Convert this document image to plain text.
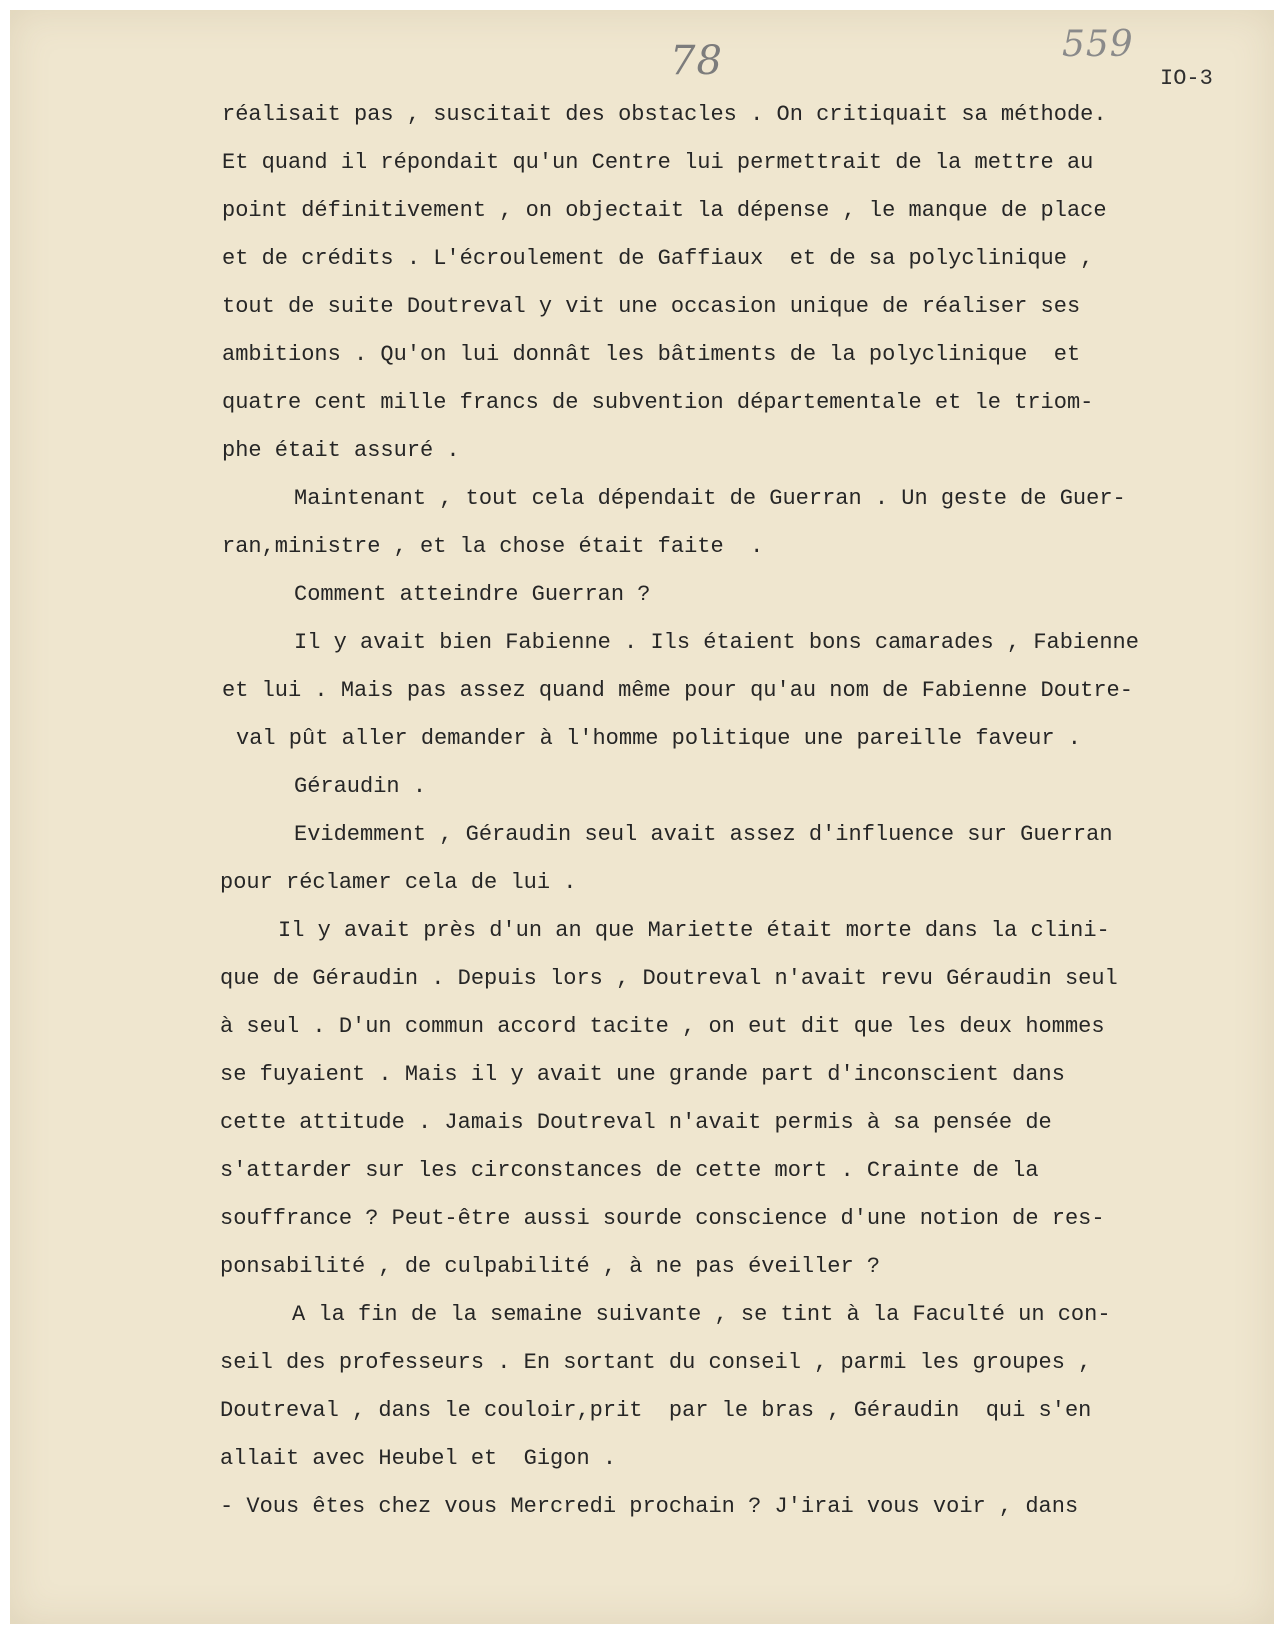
78	559
IO-3

réalisait pas , suscitait des obstacles . On critiquait sa méthode.

Et quand il répondait qu'un Centre lui permettrait de la mettre au

point définitivement , on objectait la dépense , le manque de place

et de crédits . L'écroulement de Gaffiaux  et de sa polyclinique ,

tout de suite Doutreval y vit une occasion unique de réaliser ses

ambitions . Qu'on lui donnât les bâtiments de la polyclinique  et

quatre cent mille francs de subvention départementale et le triom-

phe était assuré .

Maintenant , tout cela dépendait de Guerran . Un geste de Guer-

ran,ministre , et la chose était faite  .

Comment atteindre Guerran ?

Il y avait bien Fabienne . Ils étaient bons camarades , Fabienne

et lui . Mais pas assez quand même pour qu'au nom de Fabienne Doutre-

val pût aller demander à l'homme politique une pareille faveur .

Géraudin .

Evidemment , Géraudin seul avait assez d'influence sur Guerran

pour réclamer cela de lui .

Il y avait près d'un an que Mariette était morte dans la clini-

que de Géraudin . Depuis lors , Doutreval n'avait revu Géraudin seul

à seul . D'un commun accord tacite , on eut dit que les deux hommes

se fuyaient . Mais il y avait une grande part d'inconscient dans

cette attitude . Jamais Doutreval n'avait permis à sa pensée de

s'attarder sur les circonstances de cette mort . Crainte de la

souffrance ? Peut-être aussi sourde conscience d'une notion de res-

ponsabilité , de culpabilité , à ne pas éveiller ?

A la fin de la semaine suivante , se tint à la Faculté un con-

seil des professeurs . En sortant du conseil , parmi les groupes ,

Doutreval , dans le couloir,prit  par le bras , Géraudin  qui s'en

allait avec Heubel et  Gigon .

- Vous êtes chez vous Mercredi prochain ? J'irai vous voir , dans
